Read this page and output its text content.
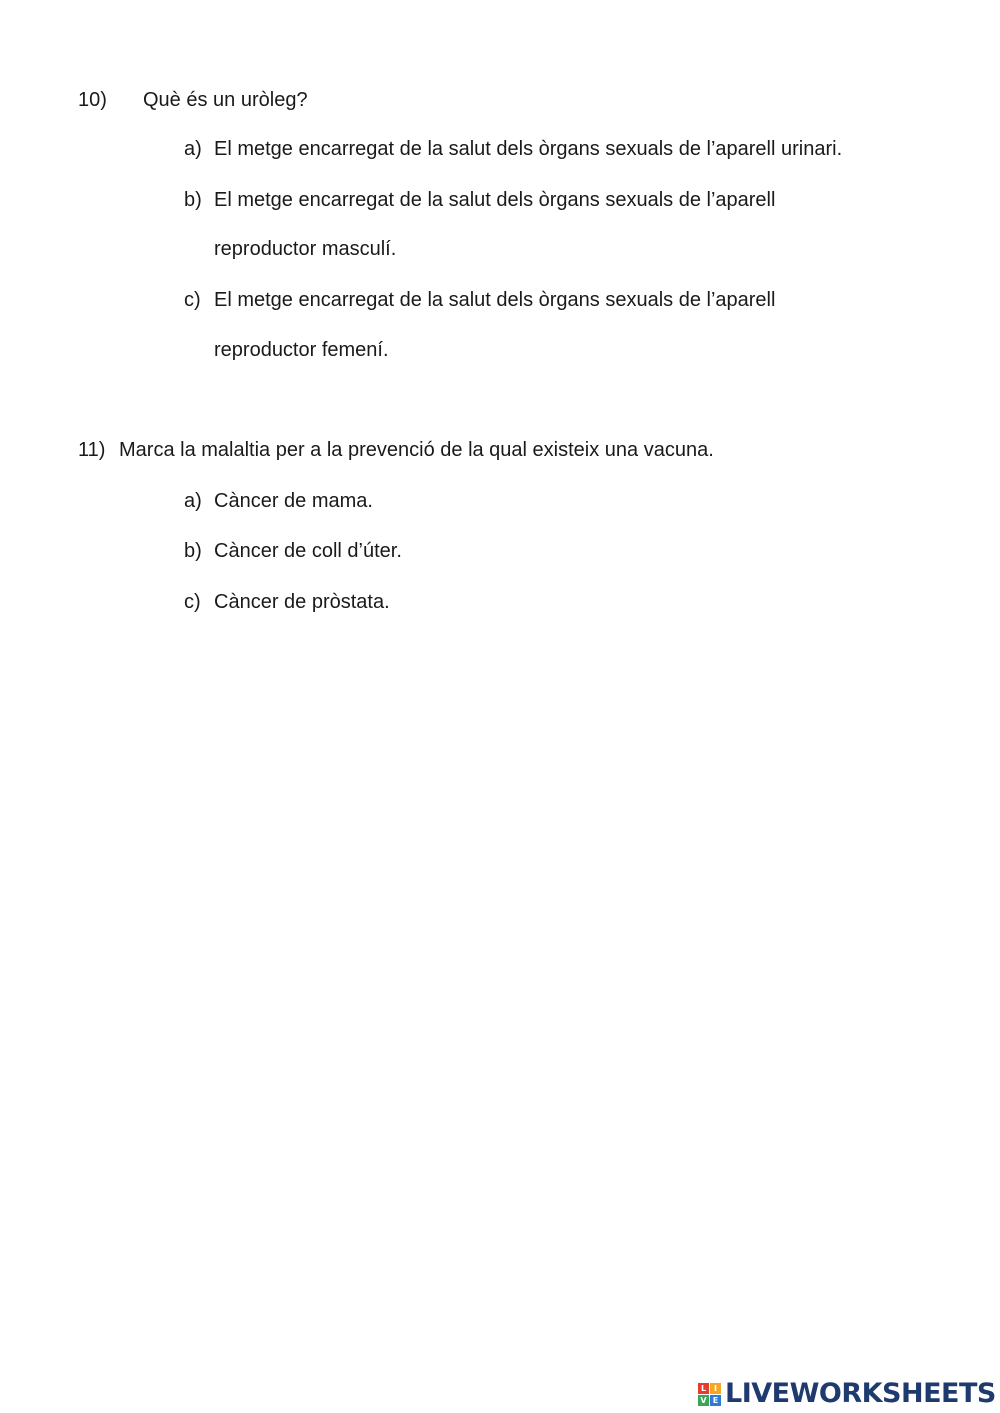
10) Què és un uròleg?
a) El metge encarregat de la salut dels òrgans sexuals de l’aparell urinari.
b) El metge encarregat de la salut dels òrgans sexuals de l’aparell
reproductor masculí.
c) El metge encarregat de la salut dels òrgans sexuals de l’aparell
reproductor femení.
11) Marca la malaltia per a la prevenció de la qual existeix una vacuna.
a) Càncer de mama.
b) Càncer de coll d’úter.
c) Càncer de pròstata.
L I
V E LIVEWORKSHEETS
